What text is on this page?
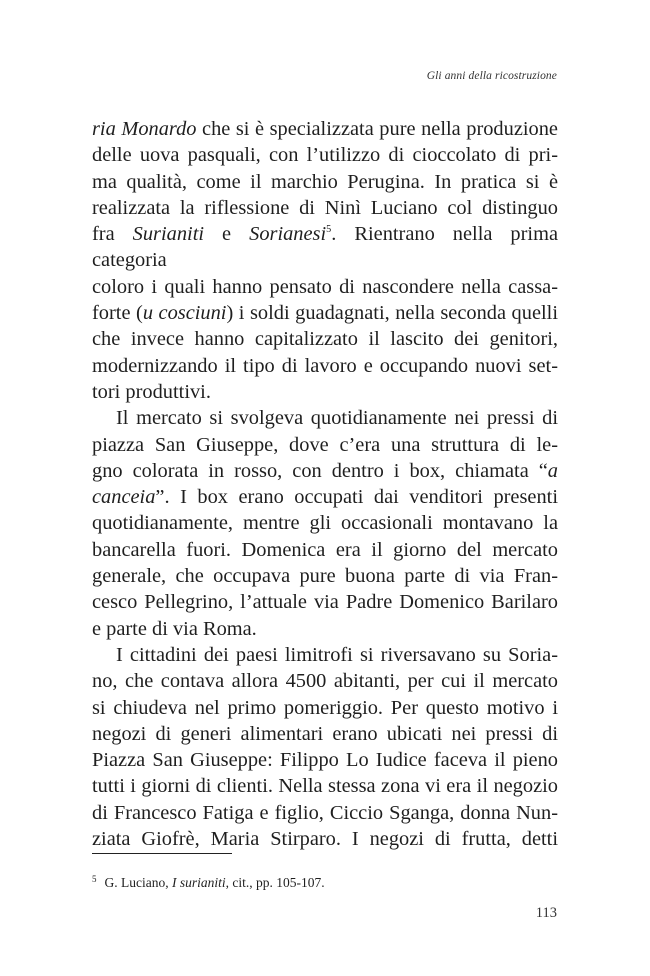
Gli anni della ricostruzione

ria Monardo che si è specializzata pure nella produzione

delle uova pasquali, con l’utilizzo di cioccolato di pri-

ma qualità, come il marchio Perugina. In pratica si è

realizzata la riflessione di Ninì Luciano col distinguo

fra Surianiti e Sorianesi$^5$. Rientrano nella prima categoria

coloro i quali hanno pensato di nascondere nella cassa-

forte (u cosciuni) i soldi guadagnati, nella seconda quelli

che invece hanno capitalizzato il lascito dei genitori,

modernizzando il tipo di lavoro e occupando nuovi set-

tori produttivi.

Il mercato si svolgeva quotidianamente nei pressi di

piazza San Giuseppe, dove c’era una struttura di le-

gno colorata in rosso, con dentro i box, chiamata “a

canceia”. I box erano occupati dai venditori presenti

quotidianamente, mentre gli occasionali montavano la

bancarella fuori. Domenica era il giorno del mercato

generale, che occupava pure buona parte di via Fran-

cesco Pellegrino, l’attuale via Padre Domenico Barilaro

e parte di via Roma.

I cittadini dei paesi limitrofi si riversavano su Soria-

no, che contava allora 4500 abitanti, per cui il mercato

si chiudeva nel primo pomeriggio. Per questo motivo i

negozi di generi alimentari erano ubicati nei pressi di

Piazza San Giuseppe: Filippo Lo Iudice faceva il pieno

tutti i giorni di clienti. Nella stessa zona vi era il negozio

di Francesco Fatiga e figlio, Ciccio Sganga, donna Nun-

ziata Giofrè, Maria Stirparo. I negozi di frutta, detti

$^5$ G. Luciano, I surianiti, cit., pp. 105-107.
113
